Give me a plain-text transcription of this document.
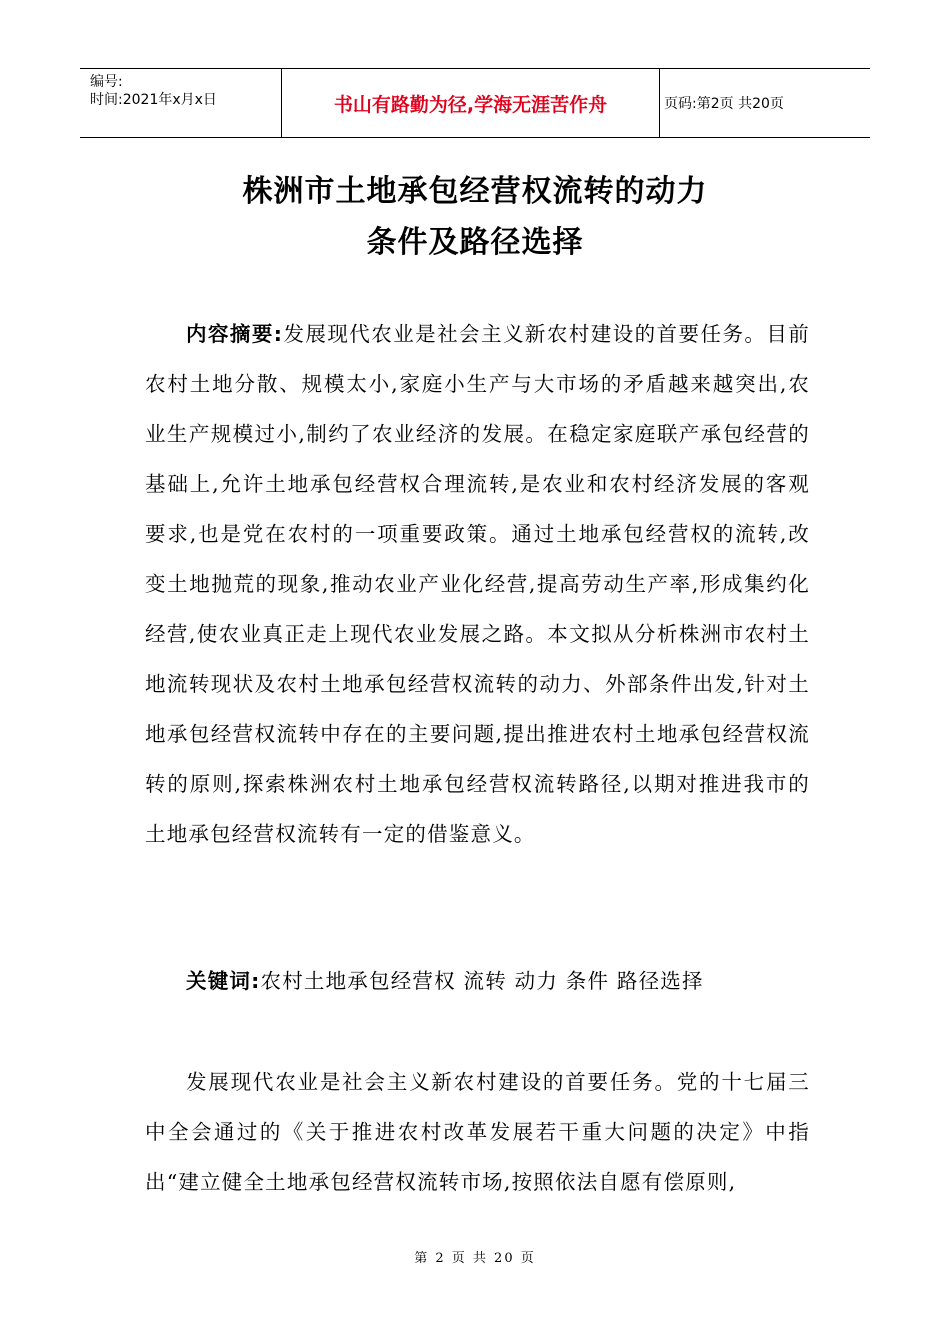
编号:
时间:2021年x月x日	书山有路勤为径,学海无涯苦作舟	页码:第2页 共20页
株洲市土地承包经营权流转的动力
条件及路径选择

内容摘要:发展现代农业是社会主义新农村建设的首要任务。目前农村土地分散、规模太小,家庭小生产与大市场的矛盾越来越突出,农业生产规模过小,制约了农业经济的发展。在稳定家庭联产承包经营的基础上,允许土地承包经营权合理流转,是农业和农村经济发展的客观要求,也是党在农村的一项重要政策。通过土地承包经营权的流转,改变土地抛荒的现象,推动农业产业化经营,提高劳动生产率,形成集约化经营,使农业真正走上现代农业发展之路。本文拟从分析株洲市农村土地流转现状及农村土地承包经营权流转的动力、外部条件出发,针对土地承包经营权流转中存在的主要问题,提出推进农村土地承包经营权流转的原则,探索株洲农村土地承包经营权流转路径,以期对推进我市的土地承包经营权流转有一定的借鉴意义。

关键词:农村土地承包经营权 流转 动力 条件 路径选择

发展现代农业是社会主义新农村建设的首要任务。党的十七届三中全会通过的《关于推进农村改革发展若干重大问题的决定》中指出“建立健全土地承包经营权流转市场,按照依法自愿有偿原则,

第 2 页 共 20 页
